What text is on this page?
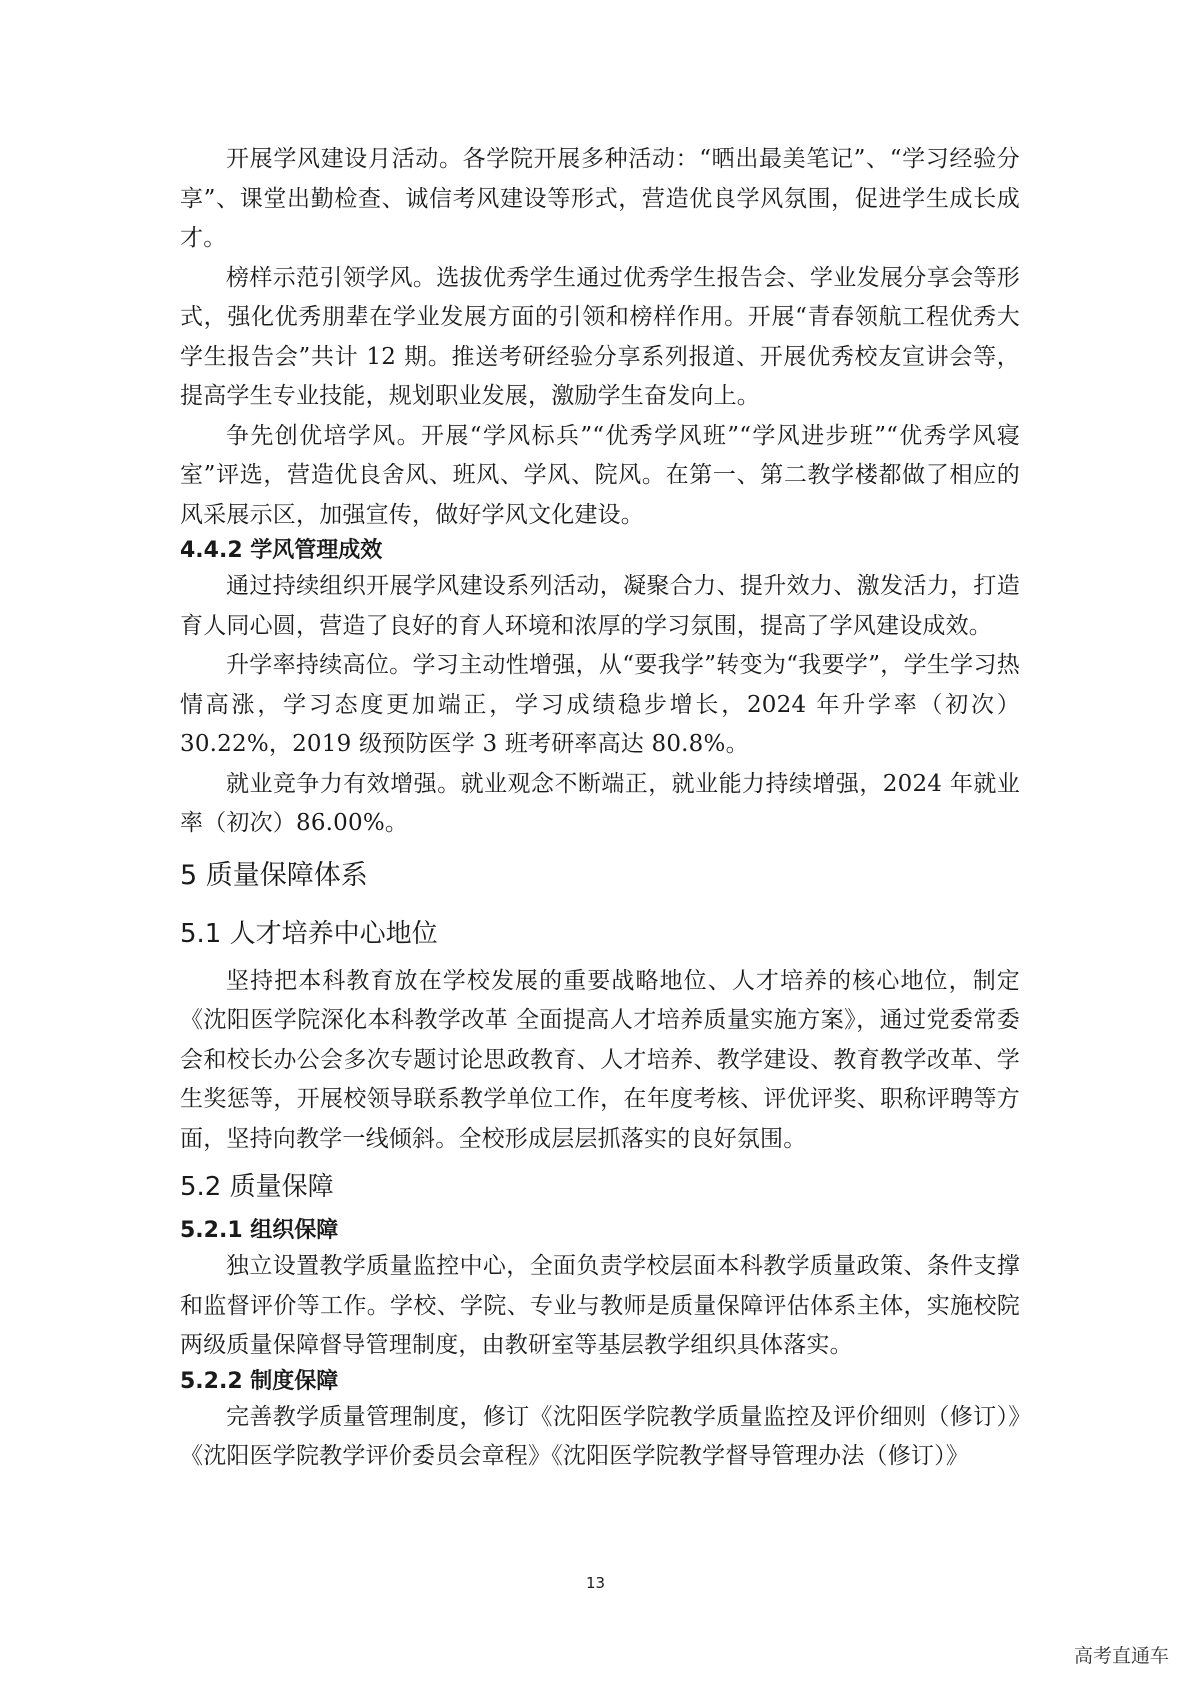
开展学风建设月活动。各学院开展多种活动：“晒出最美笔记”、“学习经验分享”、课堂出勤检查、诚信考风建设等形式，营造优良学风氛围，促进学生成长成才。

榜样示范引领学风。选拔优秀学生通过优秀学生报告会、学业发展分享会等形式，强化优秀朋辈在学业发展方面的引领和榜样作用。开展“青春领航工程优秀大学生报告会”共计 12 期。推送考研经验分享系列报道、开展优秀校友宣讲会等，提高学生专业技能，规划职业发展，激励学生奋发向上。

争先创优培学风。开展“学风标兵”“优秀学风班”“学风进步班”“优秀学风寝室”评选，营造优良舍风、班风、学风、院风。在第一、第二教学楼都做了相应的风采展示区，加强宣传，做好学风文化建设。

4.4.2 学风管理成效

通过持续组织开展学风建设系列活动，凝聚合力、提升效力、激发活力，打造育人同心圆，营造了良好的育人环境和浓厚的学习氛围，提高了学风建设成效。

升学率持续高位。学习主动性增强，从“要我学”转变为“我要学”，学生学习热情高涨，学习态度更加端正，学习成绩稳步增长，2024 年升学率（初次）30.22%，2019 级预防医学 3 班考研率高达 80.8%。

就业竞争力有效增强。就业观念不断端正，就业能力持续增强，2024 年就业率（初次）86.00%。

5 质量保障体系
5.1 人才培养中心地位

坚持把本科教育放在学校发展的重要战略地位、人才培养的核心地位，制定《沈阳医学院深化本科教学改革 全面提高人才培养质量实施方案》，通过党委常委会和校长办公会多次专题讨论思政教育、人才培养、教学建设、教育教学改革、学生奖惩等，开展校领导联系教学单位工作，在年度考核、评优评奖、职称评聘等方面，坚持向教学一线倾斜。全校形成层层抓落实的良好氛围。

5.2 质量保障
5.2.1 组织保障

独立设置教学质量监控中心，全面负责学校层面本科教学质量政策、条件支撑和监督评价等工作。学校、学院、专业与教师是质量保障评估体系主体，实施校院两级质量保障督导管理制度，由教研室等基层教学组织具体落实。

5.2.2 制度保障

完善教学质量管理制度，修订《沈阳医学院教学质量监控及评价细则（修订）》《沈阳医学院教学评价委员会章程》《沈阳医学院教学督导管理办法（修订）》

13
高考直通车
